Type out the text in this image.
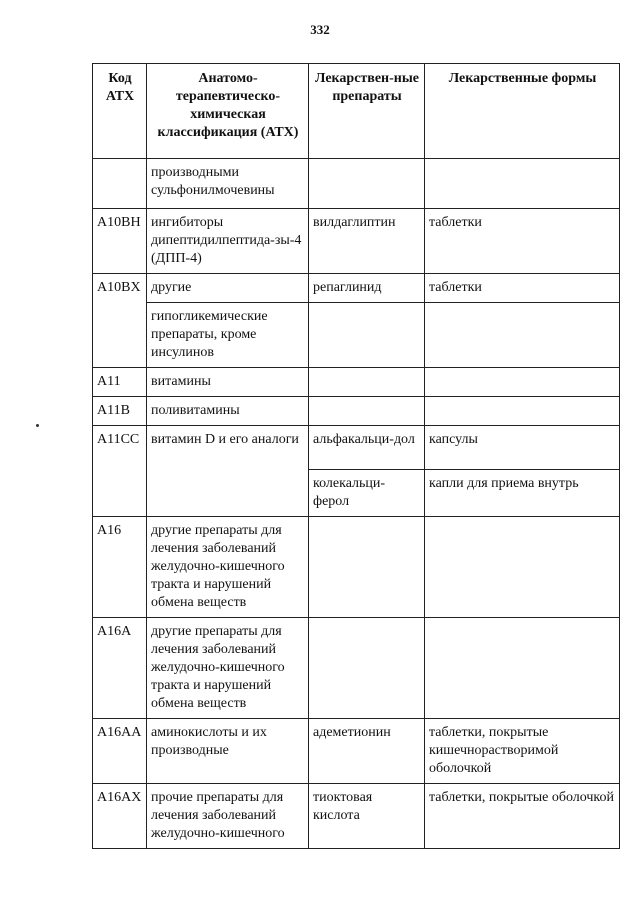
332
Код АТХ	Анатомо-терапевтическо-химическая классификация (АТХ)	Лекарствен-ные препараты	Лекарственные формы
	производными сульфонилмочевины		
A10BH	ингибиторы дипептидилпептида-зы-4 (ДПП-4)	вилдаглиптин	таблетки
A10BX	другие	репаглинид	таблетки
	гипогликемические препараты, кроме инсулинов		
A11	витамины		
A11B	поливитамины		
A11CC	витамин D и его аналоги	альфакальци-дол	капсулы
		колекальци-ферол	капли для приема внутрь
A16	другие препараты для лечения заболеваний желудочно-кишечного тракта и нарушений обмена веществ		
A16A	другие препараты для лечения заболеваний желудочно-кишечного тракта и нарушений обмена веществ		
A16AA	аминокислоты и их производные	адеметионин	таблетки, покрытые кишечнорастворимой оболочкой
A16AX	прочие препараты для лечения заболеваний желудочно-кишечного	тиоктовая кислота	таблетки, покрытые оболочкой
